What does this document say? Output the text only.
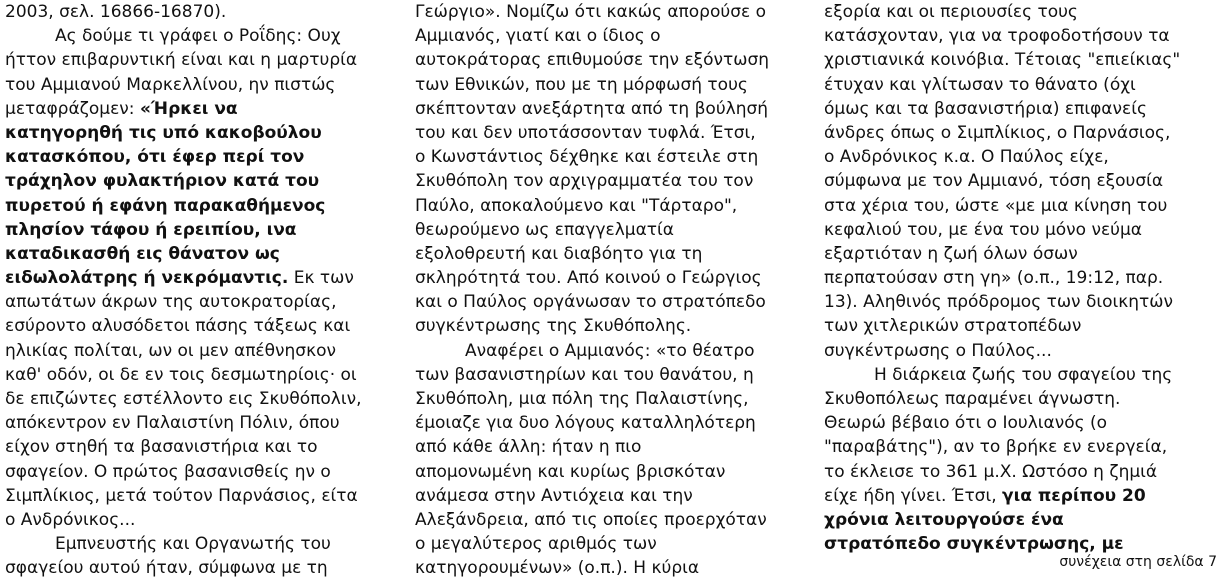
2003, σελ. 16866-16870).
Ας δούμε τι γράφει ο Ροΐδης: Ουχ
ήττον επιβαρυντική είναι και η μαρτυρία
του Αμμιανού Μαρκελλίνου, ην πιστώς
μεταφράζομεν: «Ήρκει να
κατηγορηθή τις υπό κακοβούλου
κατασκόπου, ότι έφερ περί τον
τράχηλον φυλακτήριον κατά του
πυρετού ή εφάνη παρακαθήμενος
πλησίον τάφου ή ερειπίου, ινα
καταδικασθή εις θάνατον ως
ειδωλολάτρης ή νεκρόμαντις. Εκ των
απωτάτων άκρων της αυτοκρατορίας,
εσύροντο αλυσόδετοι πάσης τάξεως και
ηλικίας πολίται, ων οι μεν απέθνησκον
καθ' οδόν, οι δε εν τοις δεσμωτηρίοις· οι
δε επιζώντες εστέλλοντο εις Σκυθόπολιν,
απόκεντρον εν Παλαιστίνη Πόλιν, όπου
είχον στηθή τα βασανιστήρια και το
σφαγείον. Ο πρώτος βασανισθείς ην ο
Σιμπλίκιος, μετά τούτον Παρνάσιος, είτα
ο Ανδρόνικος...
Εμπνευστής και Οργανωτής του
σφαγείου αυτού ήταν, σύμφωνα με τη
Γεώργιο». Νομίζω ότι κακώς απορούσε ο
Αμμιανός, γιατί και ο ίδιος ο
αυτοκράτορας επιθυμούσε την εξόντωση
των Εθνικών, που με τη μόρφωσή τους
σκέπτονταν ανεξάρτητα από τη βούλησή
του και δεν υποτάσσονταν τυφλά. Έτσι,
ο Κωνστάντιος δέχθηκε και έστειλε στη
Σκυθόπολη τον αρχιγραμματέα του τον
Παύλο, αποκαλούμενο και "Τάρταρο",
θεωρούμενο ως επαγγελματία
εξολοθρευτή και διαβόητο για τη
σκληρότητά του. Από κοινού ο Γεώργιος
και ο Παύλος οργάνωσαν το στρατόπεδο
συγκέντρωσης της Σκυθόπολης.
Αναφέρει ο Αμμιανός: «το θέατρο
των βασανιστηρίων και του θανάτου, η
Σκυθόπολη, μια πόλη της Παλαιστίνης,
έμοιαζε για δυο λόγους καταλληλότερη
από κάθε άλλη: ήταν η πιο
απομονωμένη και κυρίως βρισκόταν
ανάμεσα στην Αντιόχεια και την
Αλεξάνδρεια, από τις οποίες προερχόταν
ο μεγαλύτερος αριθμός των
κατηγορουμένων» (ο.π.). Η κύρια
εξορία και οι περιουσίες τους
κατάσχονταν, για να τροφοδοτήσουν τα
χριστιανικά κοινόβια. Τέτοιας "επιείκιας"
έτυχαν και γλίτωσαν το θάνατο (όχι
όμως και τα βασανιστήρια) επιφανείς
άνδρες όπως ο Σιμπλίκιος, ο Παρνάσιος,
ο Ανδρόνικος κ.α. Ο Παύλος είχε,
σύμφωνα με τον Αμμιανό, τόση εξουσία
στα χέρια του, ώστε «με μια κίνηση του
κεφαλιού του, με ένα του μόνο νεύμα
εξαρτιόταν η ζωή όλων όσων
περπατούσαν στη γη» (ο.π., 19:12, παρ.
13). Αληθινός πρόδρομος των διοικητών
των χιτλερικών στρατοπέδων
συγκέντρωσης ο Παύλος...
Η διάρκεια ζωής του σφαγείου της
Σκυθοπόλεως παραμένει άγνωστη.
Θεωρώ βέβαιο ότι ο Ιουλιανός (ο
"παραβάτης"), αν το βρήκε εν ενεργεία,
το έκλεισε το 361 μ.Χ. Ωστόσο η ζημιά
είχε ήδη γίνει. Έτσι, για περίπου 20
χρόνια λειτουργούσε ένα
στρατόπεδο συγκέντρωσης, με
συνέχεια στη σελίδα 7
